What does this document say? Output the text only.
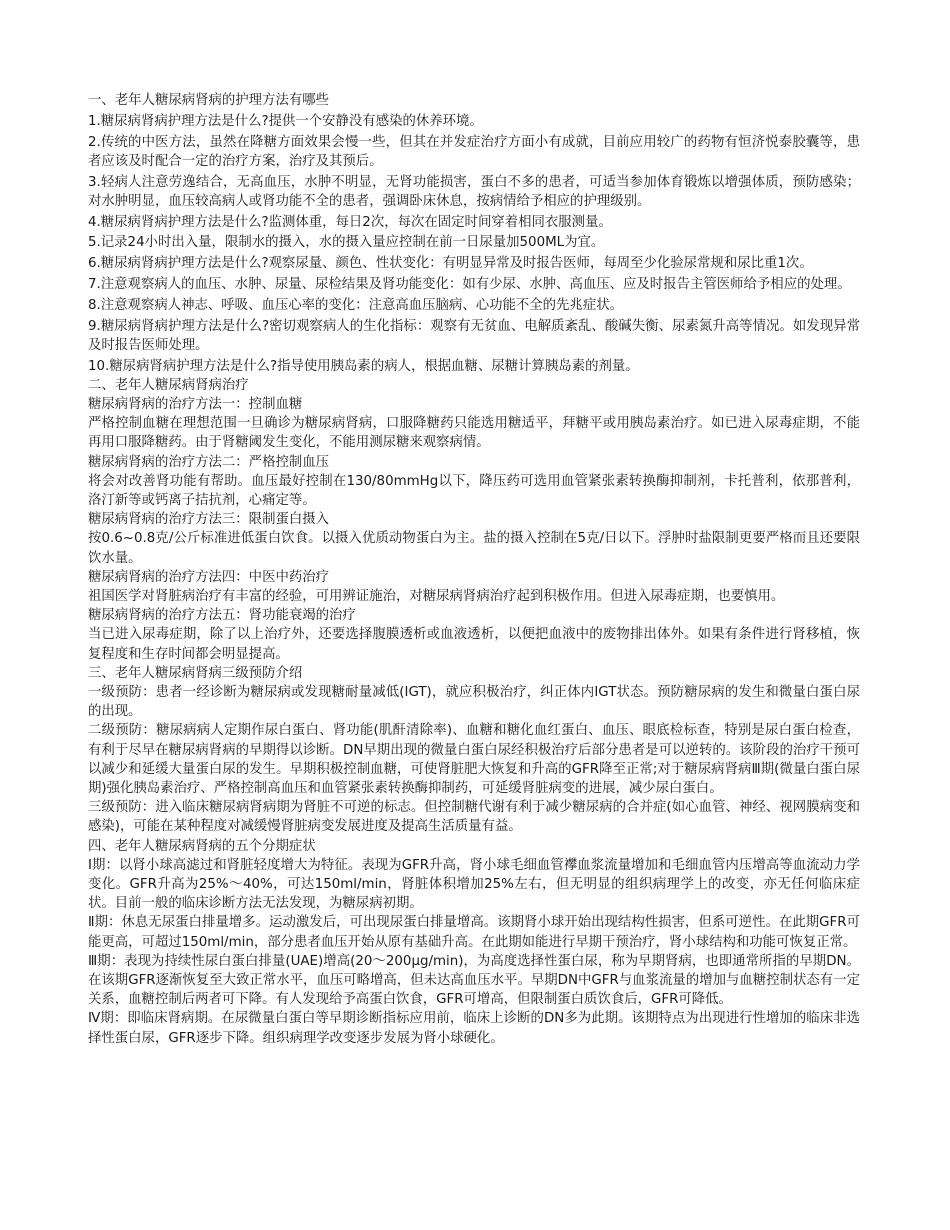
一、老年人糖尿病肾病的护理方法有哪些

1.糖尿病肾病护理方法是什么?提供一个安静没有感染的休养环境。

2.传统的中医方法，虽然在降糖方面效果会慢一些，但其在并发症治疗方面小有成就，目前应用较广的药物有恒济悦泰胶囊等，患者应该及时配合一定的治疗方案，治疗及其预后。

3.轻病人注意劳逸结合，无高血压，水肿不明显，无肾功能损害，蛋白不多的患者，可适当参加体育锻炼以增强体质，预防感染；对水肿明显，血压较高病人或肾功能不全的患者，强调卧床休息，按病情给予相应的护理级别。

4.糖尿病肾病护理方法是什么?监测体重，每日2次，每次在固定时间穿着相同衣服测量。

5.记录24小时出入量，限制水的摄入，水的摄入量应控制在前一日尿量加500ML为宜。

6.糖尿病肾病护理方法是什么?观察尿量、颜色、性状变化：有明显异常及时报告医师，每周至少化验尿常规和尿比重1次。

7.注意观察病人的血压、水肿、尿量、尿检结果及肾功能变化：如有少尿、水肿、高血压、应及时报告主管医师给予相应的处理。

8.注意观察病人神志、呼吸、血压心率的变化：注意高血压脑病、心功能不全的先兆症状。

9.糖尿病肾病护理方法是什么?密切观察病人的生化指标：观察有无贫血、电解质紊乱、酸碱失衡、尿素氮升高等情况。如发现异常及时报告医师处理。

10.糖尿病肾病护理方法是什么?指导使用胰岛素的病人，根据血糖、尿糖计算胰岛素的剂量。

二、老年人糖尿病肾病治疗

糖尿病肾病的治疗方法一：控制血糖

严格控制血糖在理想范围一旦确诊为糖尿病肾病，口服降糖药只能选用糖适平，拜糖平或用胰岛素治疗。如已进入尿毒症期，不能再用口服降糖药。由于肾糖阈发生变化，不能用测尿糖来观察病情。

糖尿病肾病的治疗方法二：严格控制血压

将会对改善肾功能有帮助。血压最好控制在130/80mmHg以下，降压药可选用血管紧张素转换酶抑制剂，卡托普利，依那普利，洛汀新等或钙离子拮抗剂，心痛定等。

糖尿病肾病的治疗方法三：限制蛋白摄入

按0.6~0.8克/公斤标准进低蛋白饮食。以摄入优质动物蛋白为主。盐的摄入控制在5克/日以下。浮肿时盐限制更要严格而且还要限饮水量。

糖尿病肾病的治疗方法四：中医中药治疗

祖国医学对肾脏病治疗有丰富的经验，可用辨证施治，对糖尿病肾病治疗起到积极作用。但进入尿毒症期，也要慎用。

糖尿病肾病的治疗方法五：肾功能衰竭的治疗

当已进入尿毒症期，除了以上治疗外，还要选择腹膜透析或血液透析，以便把血液中的废物排出体外。如果有条件进行肾移植，恢复程度和生存时间都会明显提高。

三、老年人糖尿病肾病三级预防介绍

一级预防：患者一经诊断为糖尿病或发现糖耐量减低(IGT)，就应积极治疗，纠正体内IGT状态。预防糖尿病的发生和微量白蛋白尿的出现。

二级预防：糖尿病病人定期作尿白蛋白、肾功能(肌酐清除率)、血糖和糖化血红蛋白、血压、眼底检标查，特别是尿白蛋白检查，有利于尽早在糖尿病肾病的早期得以诊断。DN早期出现的微量白蛋白尿经积极治疗后部分患者是可以逆转的。该阶段的治疗干预可以减少和延缓大量蛋白尿的发生。早期积极控制血糖，可使肾脏肥大恢复和升高的GFR降至正常;对于糖尿病肾病Ⅲ期(微量白蛋白尿期)强化胰岛素治疗、严格控制高血压和血管紧张素转换酶抑制药，可延缓肾脏病变的进展，减少尿白蛋白。

三级预防：进入临床糖尿病肾病期为肾脏不可逆的标志。但控制糖代谢有利于减少糖尿病的合并症(如心血管、神经、视网膜病变和感染)，可能在某种程度对减缓慢肾脏病变发展进度及提高生活质量有益。

四、老年人糖尿病肾病的五个分期症状

Ⅰ期：以肾小球高滤过和肾脏轻度增大为特征。表现为GFR升高，肾小球毛细血管襻血浆流量增加和毛细血管内压增高等血流动力学变化。GFR升高为25%～40%，可达150ml/min，肾脏体积增加25%左右，但无明显的组织病理学上的改变，亦无任何临床症状。目前一般的临床诊断方法无法发现，为糖尿病初期。

Ⅱ期：休息无尿蛋白排量增多。运动激发后，可出现尿蛋白排量增高。该期肾小球开始出现结构性损害，但系可逆性。在此期GFR可能更高，可超过150ml/min，部分患者血压开始从原有基础升高。在此期如能进行早期干预治疗，肾小球结构和功能可恢复正常。

Ⅲ期：表现为持续性尿白蛋白排量(UAE)增高(20～200μg/min)，为高度选择性蛋白尿，称为早期肾病，也即通常所指的早期DN。在该期GFR逐渐恢复至大致正常水平，血压可略增高，但未达高血压水平。早期DN中GFR与血浆流量的增加与血糖控制状态有一定关系，血糖控制后两者可下降。有人发现给予高蛋白饮食，GFR可增高，但限制蛋白质饮食后，GFR可降低。

Ⅳ期：即临床肾病期。在尿微量白蛋白等早期诊断指标应用前，临床上诊断的DN多为此期。该期特点为出现进行性增加的临床非选择性蛋白尿，GFR逐步下降。组织病理学改变逐步发展为肾小球硬化。
